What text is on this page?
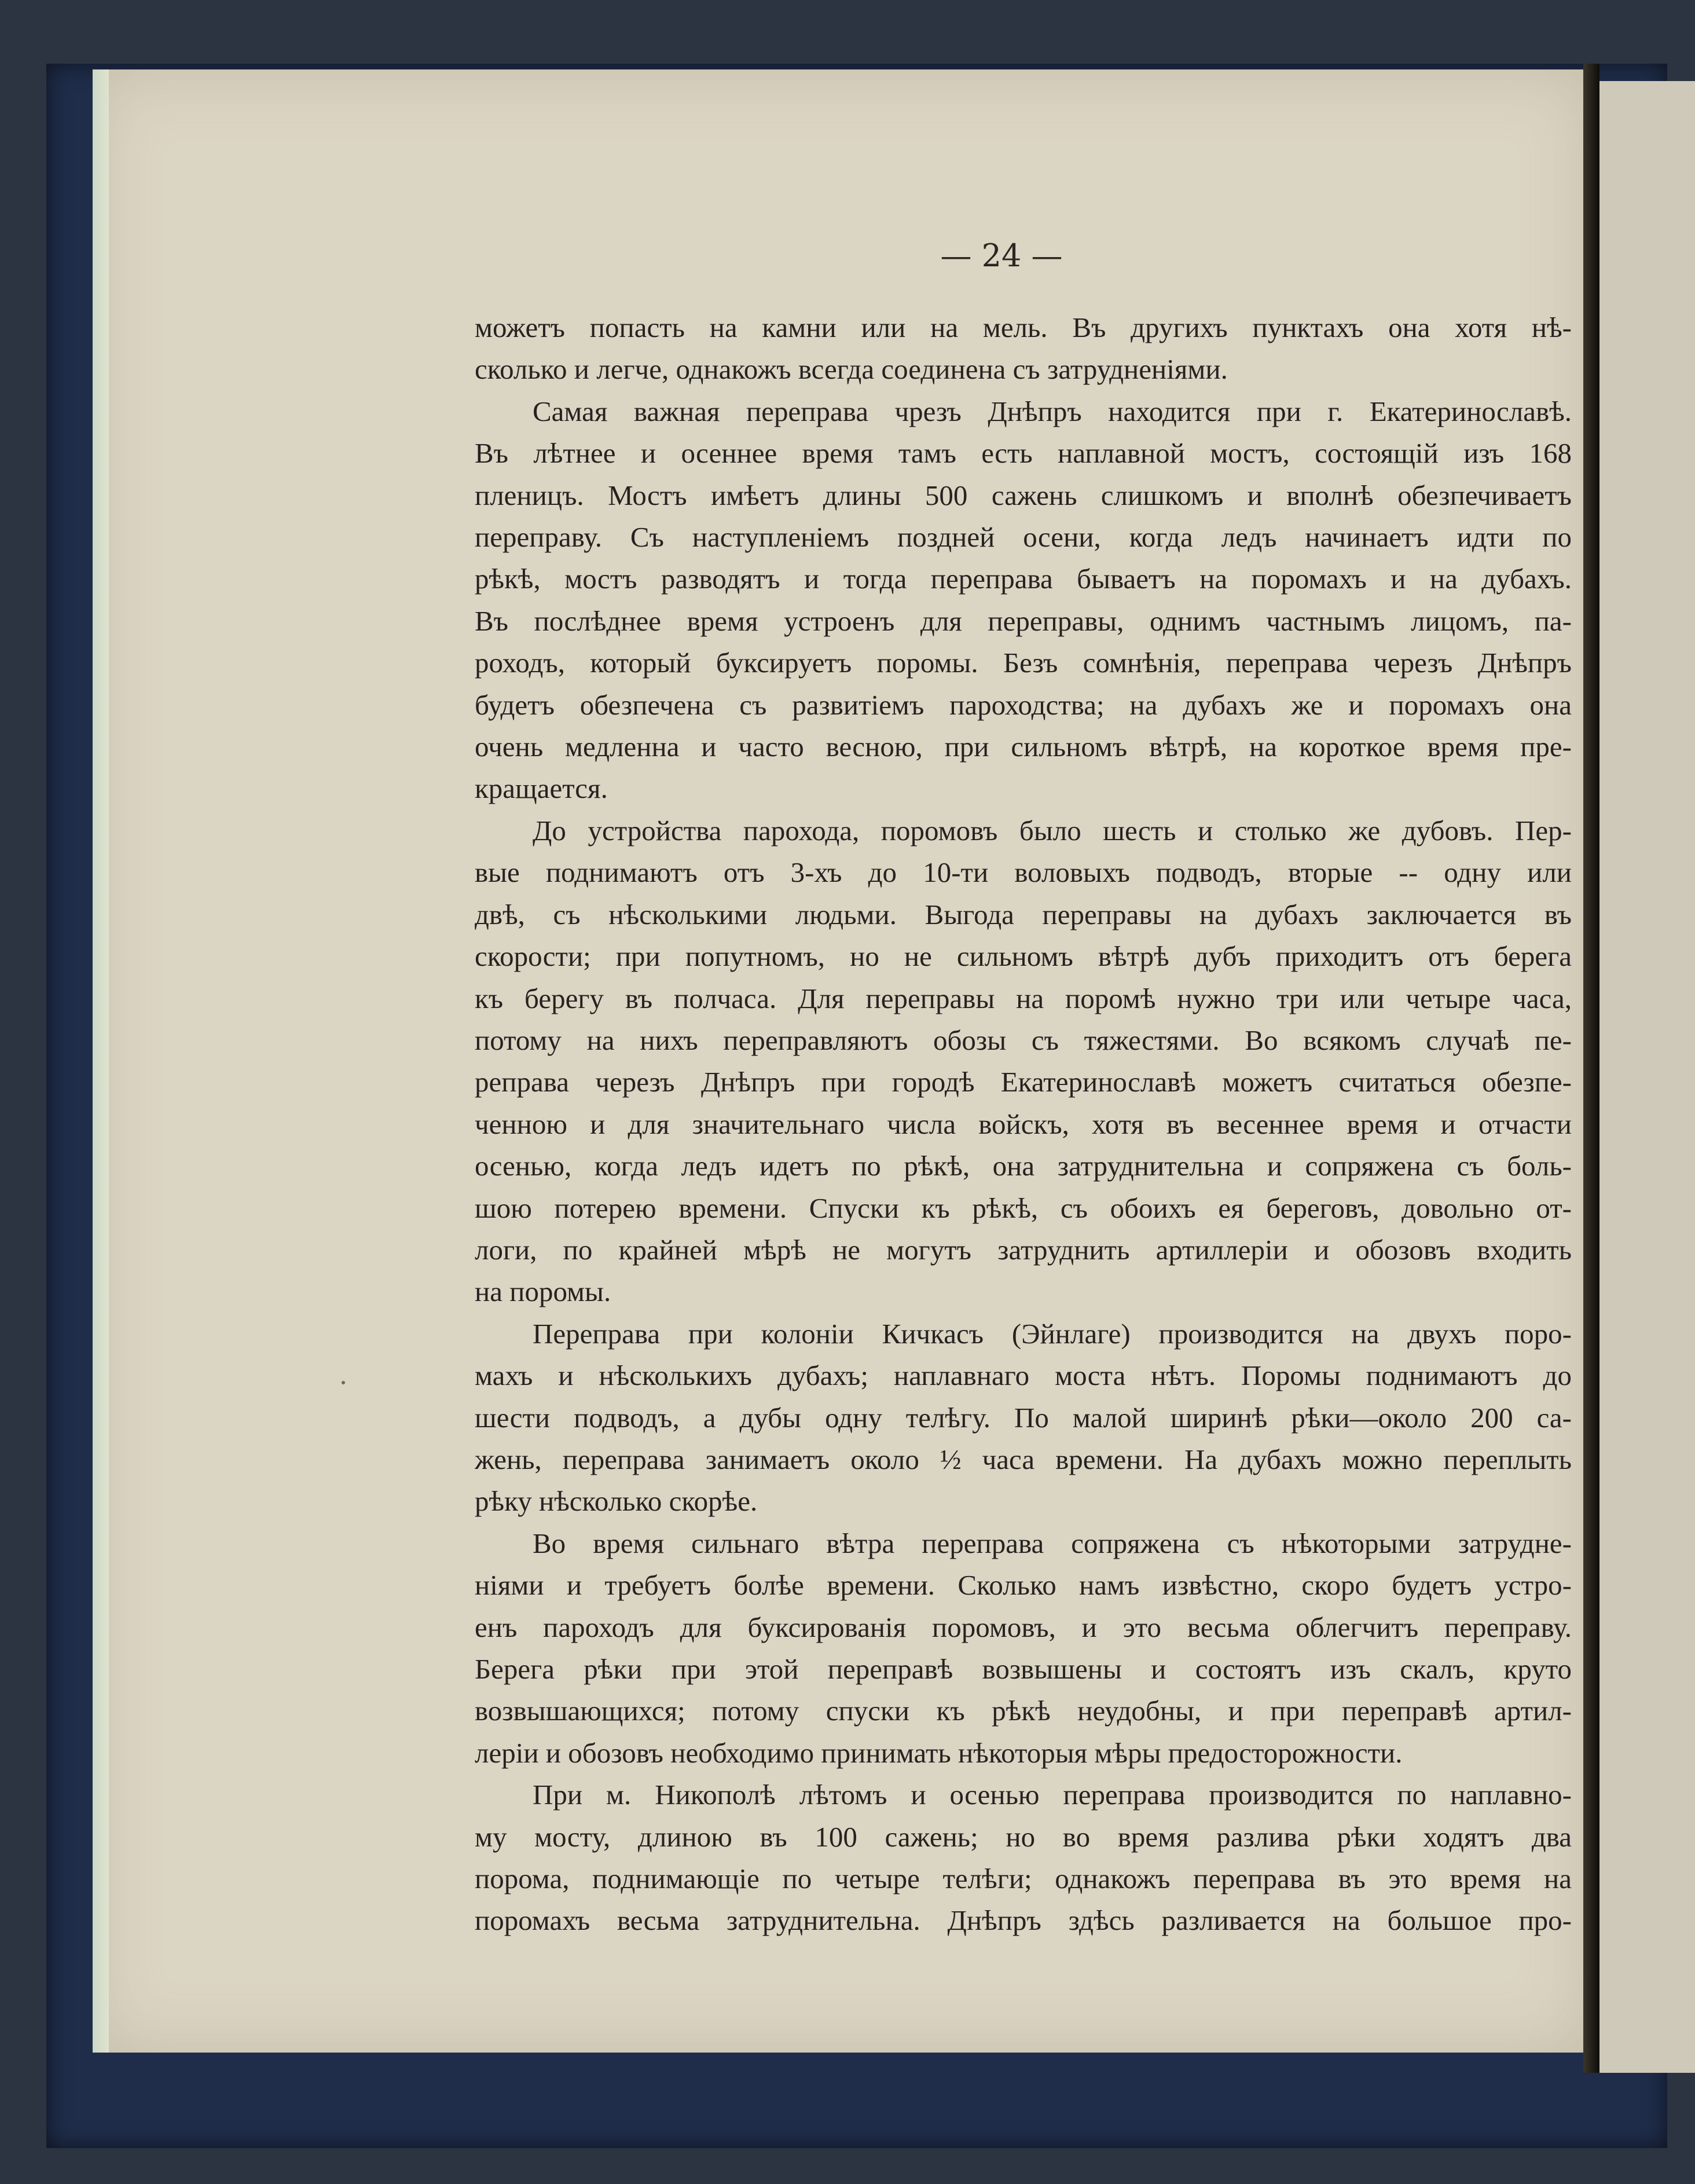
— 24 —
можетъ попасть на камни или на мель. Въ другихъ пунктахъ она хотя нѣ-
сколько и легче, однакожъ всегда соединена съ затрудненіями.
Самая важная переправа чрезъ Днѣпръ находится при г. Екатеринославѣ.
Въ лѣтнее и осеннее время тамъ есть наплавной мостъ, состоящій изъ 168
пленицъ. Мостъ имѣетъ длины 500 сажень слишкомъ и вполнѣ обезпечиваетъ
переправу. Съ наступленіемъ поздней осени, когда ледъ начинаетъ идти по
рѣкѣ, мостъ разводятъ и тогда переправа бываетъ на поромахъ и на дубахъ.
Въ послѣднее время устроенъ для переправы, однимъ частнымъ лицомъ, па-
роходъ, который буксируетъ поромы. Безъ сомнѣнія, переправа черезъ Днѣпръ
будетъ обезпечена съ развитіемъ пароходства; на дубахъ же и поромахъ она
очень медленна и часто весною, при сильномъ вѣтрѣ, на короткое время пре-
кращается.
До устройства парохода, поромовъ было шесть и столько же дубовъ. Пер-
вые поднимаютъ отъ 3-хъ до 10-ти воловыхъ подводъ, вторые -- одну или
двѣ, съ нѣсколькими людьми. Выгода переправы на дубахъ заключается въ
скорости; при попутномъ, но не сильномъ вѣтрѣ дубъ приходитъ отъ берега
къ берегу въ полчаса. Для переправы на поромѣ нужно три или четыре часа,
потому на нихъ переправляютъ обозы съ тяжестями. Во всякомъ случаѣ пе-
реправа черезъ Днѣпръ при городѣ Екатеринославѣ можетъ считаться обезпе-
ченною и для значительнаго числа войскъ, хотя въ весеннее время и отчасти
осенью, когда ледъ идетъ по рѣкѣ, она затруднительна и сопряжена съ боль-
шою потерею времени. Спуски къ рѣкѣ, съ обоихъ ея береговъ, довольно от-
логи, по крайней мѣрѣ не могутъ затруднить артиллеріи и обозовъ входить
на поромы.
Переправа при колоніи Кичкасъ (Эйнлаге) производится на двухъ поро-
махъ и нѣсколькихъ дубахъ; наплавнаго моста нѣтъ. Поромы поднимаютъ до
шести подводъ, а дубы одну телѣгу. По малой ширинѣ рѣки—около 200 са-
жень, переправа занимаетъ около ½ часа времени. На дубахъ можно переплыть
рѣку нѣсколько скорѣе.
Во время сильнаго вѣтра переправа сопряжена съ нѣкоторыми затрудне-
ніями и требуетъ болѣе времени. Сколько намъ извѣстно, скоро будетъ устро-
енъ пароходъ для буксированія поромовъ, и это весьма облегчитъ переправу.
Берега рѣки при этой переправѣ возвышены и состоятъ изъ скалъ, круто
возвышающихся; потому спуски къ рѣкѣ неудобны, и при переправѣ артил-
леріи и обозовъ необходимо принимать нѣкоторыя мѣры предосторожности.
При м. Никополѣ лѣтомъ и осенью переправа производится по наплавно-
му мосту, длиною въ 100 сажень; но во время разлива рѣки ходятъ два
порома, поднимающіе по четыре телѣги; однакожъ переправа въ это время на
поромахъ весьма затруднительна. Днѣпръ здѣсь разливается на большое про-
